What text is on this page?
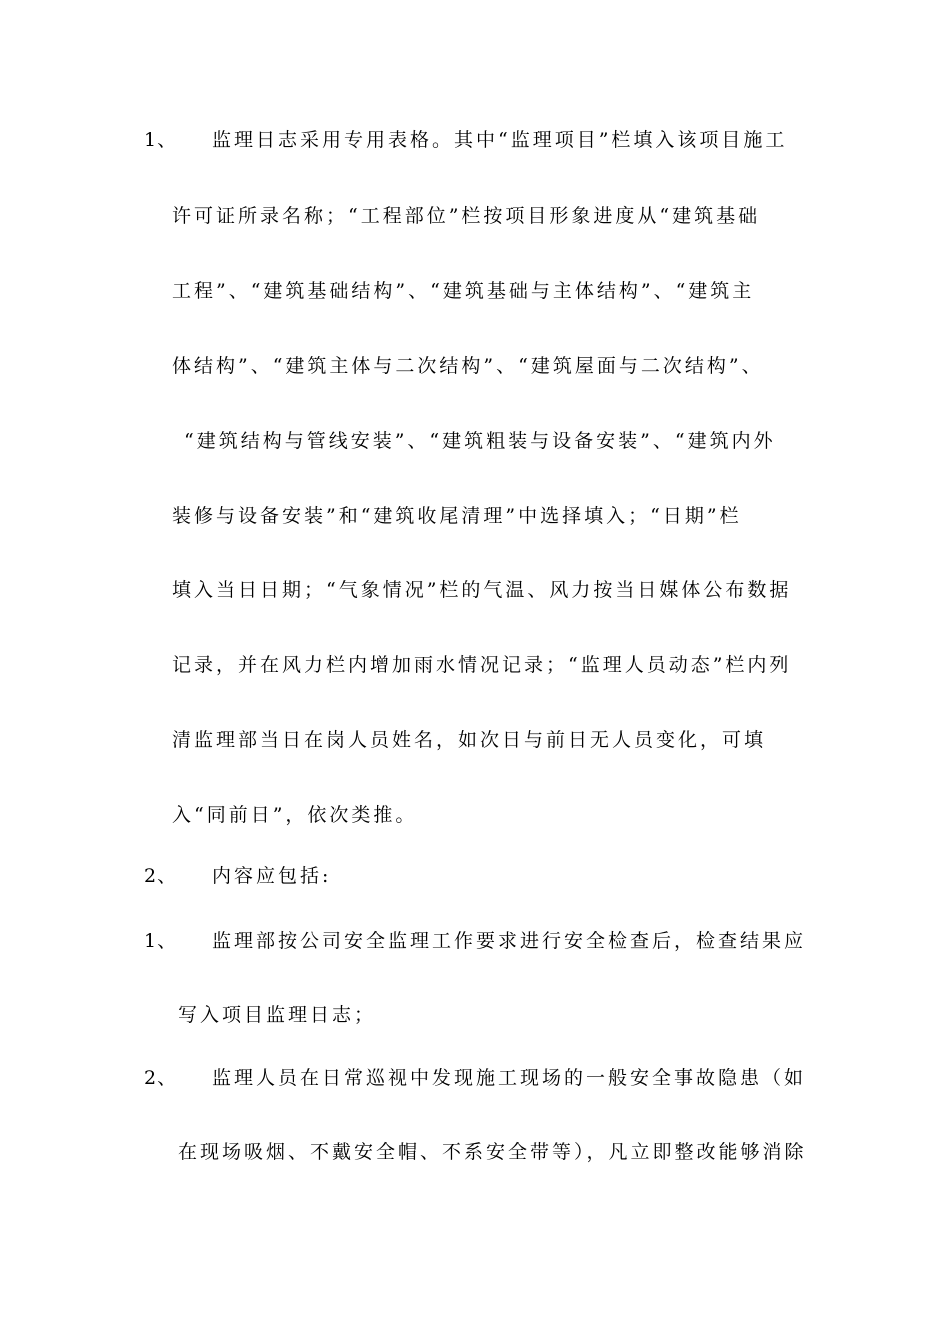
1、 监理日志采用专用表格。其中“监理项目”栏填入该项目施工
许可证所录名称；“工程部位”栏按项目形象进度从“建筑基础
工程”、“建筑基础结构”、“建筑基础与主体结构”、“建筑主
体结构”、“建筑主体与二次结构”、“建筑屋面与二次结构”、
“建筑结构与管线安装”、“建筑粗装与设备安装”、“建筑内外
装修与设备安装”和“建筑收尾清理”中选择填入；“日期”栏
填入当日日期；“气象情况”栏的气温、风力按当日媒体公布数据
记录，并在风力栏内增加雨水情况记录；“监理人员动态”栏内列
清监理部当日在岗人员姓名，如次日与前日无人员变化，可填
入“同前日”，依次类推。
2、 内容应包括:
1、 监理部按公司安全监理工作要求进行安全检查后，检查结果应
写入项目监理日志；
2、 监理人员在日常巡视中发现施工现场的一般安全事故隐患（如
在现场吸烟、不戴安全帽、不系安全带等），凡立即整改能够消除
